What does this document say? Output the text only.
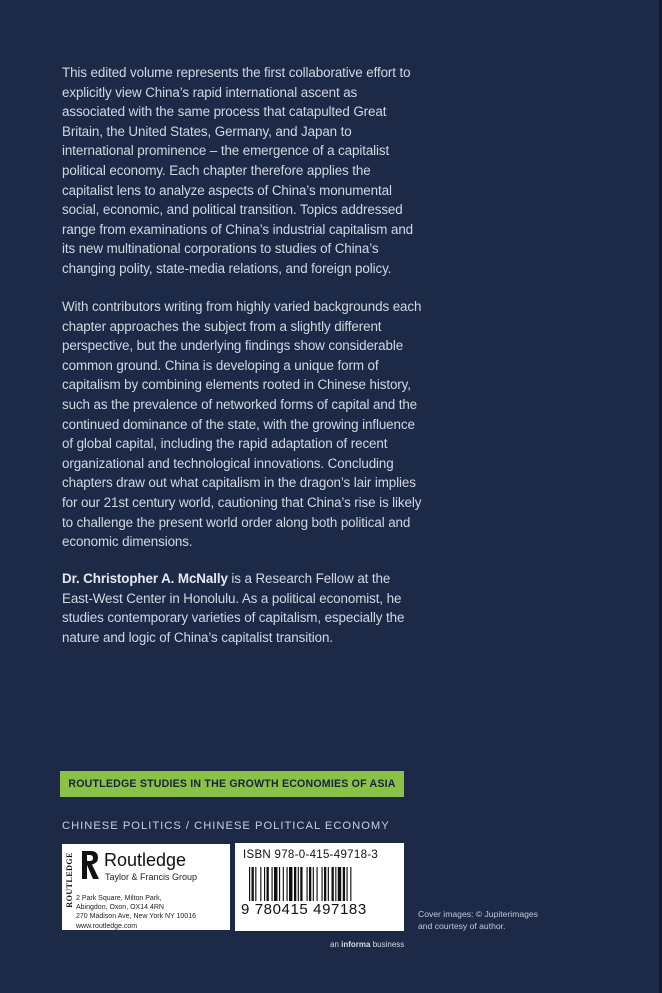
This edited volume represents the first collaborative effort to explicitly view China’s rapid international ascent as associated with the same process that catapulted Great Britain, the United States, Germany, and Japan to international prominence – the emergence of a capitalist political economy. Each chapter therefore applies the capitalist lens to analyze aspects of China’s monumental social, economic, and political transition. Topics addressed range from examinations of China’s industrial capitalism and its new multinational corporations to studies of China’s changing polity, state-media relations, and foreign policy.

With contributors writing from highly varied backgrounds each chapter approaches the subject from a slightly different perspective, but the underlying findings show considerable common ground. China is developing a unique form of capitalism by combining elements rooted in Chinese history, such as the prevalence of networked forms of capital and the continued dominance of the state, with the growing influence of global capital, including the rapid adaptation of recent organizational and technological innovations. Concluding chapters draw out what capitalism in the dragon’s lair implies for our 21st century world, cautioning that China’s rise is likely to challenge the present world order along both political and economic dimensions.

Dr. Christopher A. McNally is a Research Fellow at the East-West Center in Honolulu. As a political economist, he studies contemporary varieties of capitalism, especially the nature and logic of China’s capitalist transition.

ROUTLEDGE STUDIES IN THE GROWTH ECONOMIES OF ASIA
CHINESE POLITICS / CHINESE POLITICAL ECONOMY
ROUTLEDGE Routledge
Taylor & Francis Group
2 Park Square, Milton Park,
Abingdon, Oxon, OX14 4RN
270 Madison Ave, New York NY 10016
www.routledge.com
ISBN 978-0-415-49718-3
9 780415 497183
an informa business
Cover images: © Jupiterimages and courtesy of author.
